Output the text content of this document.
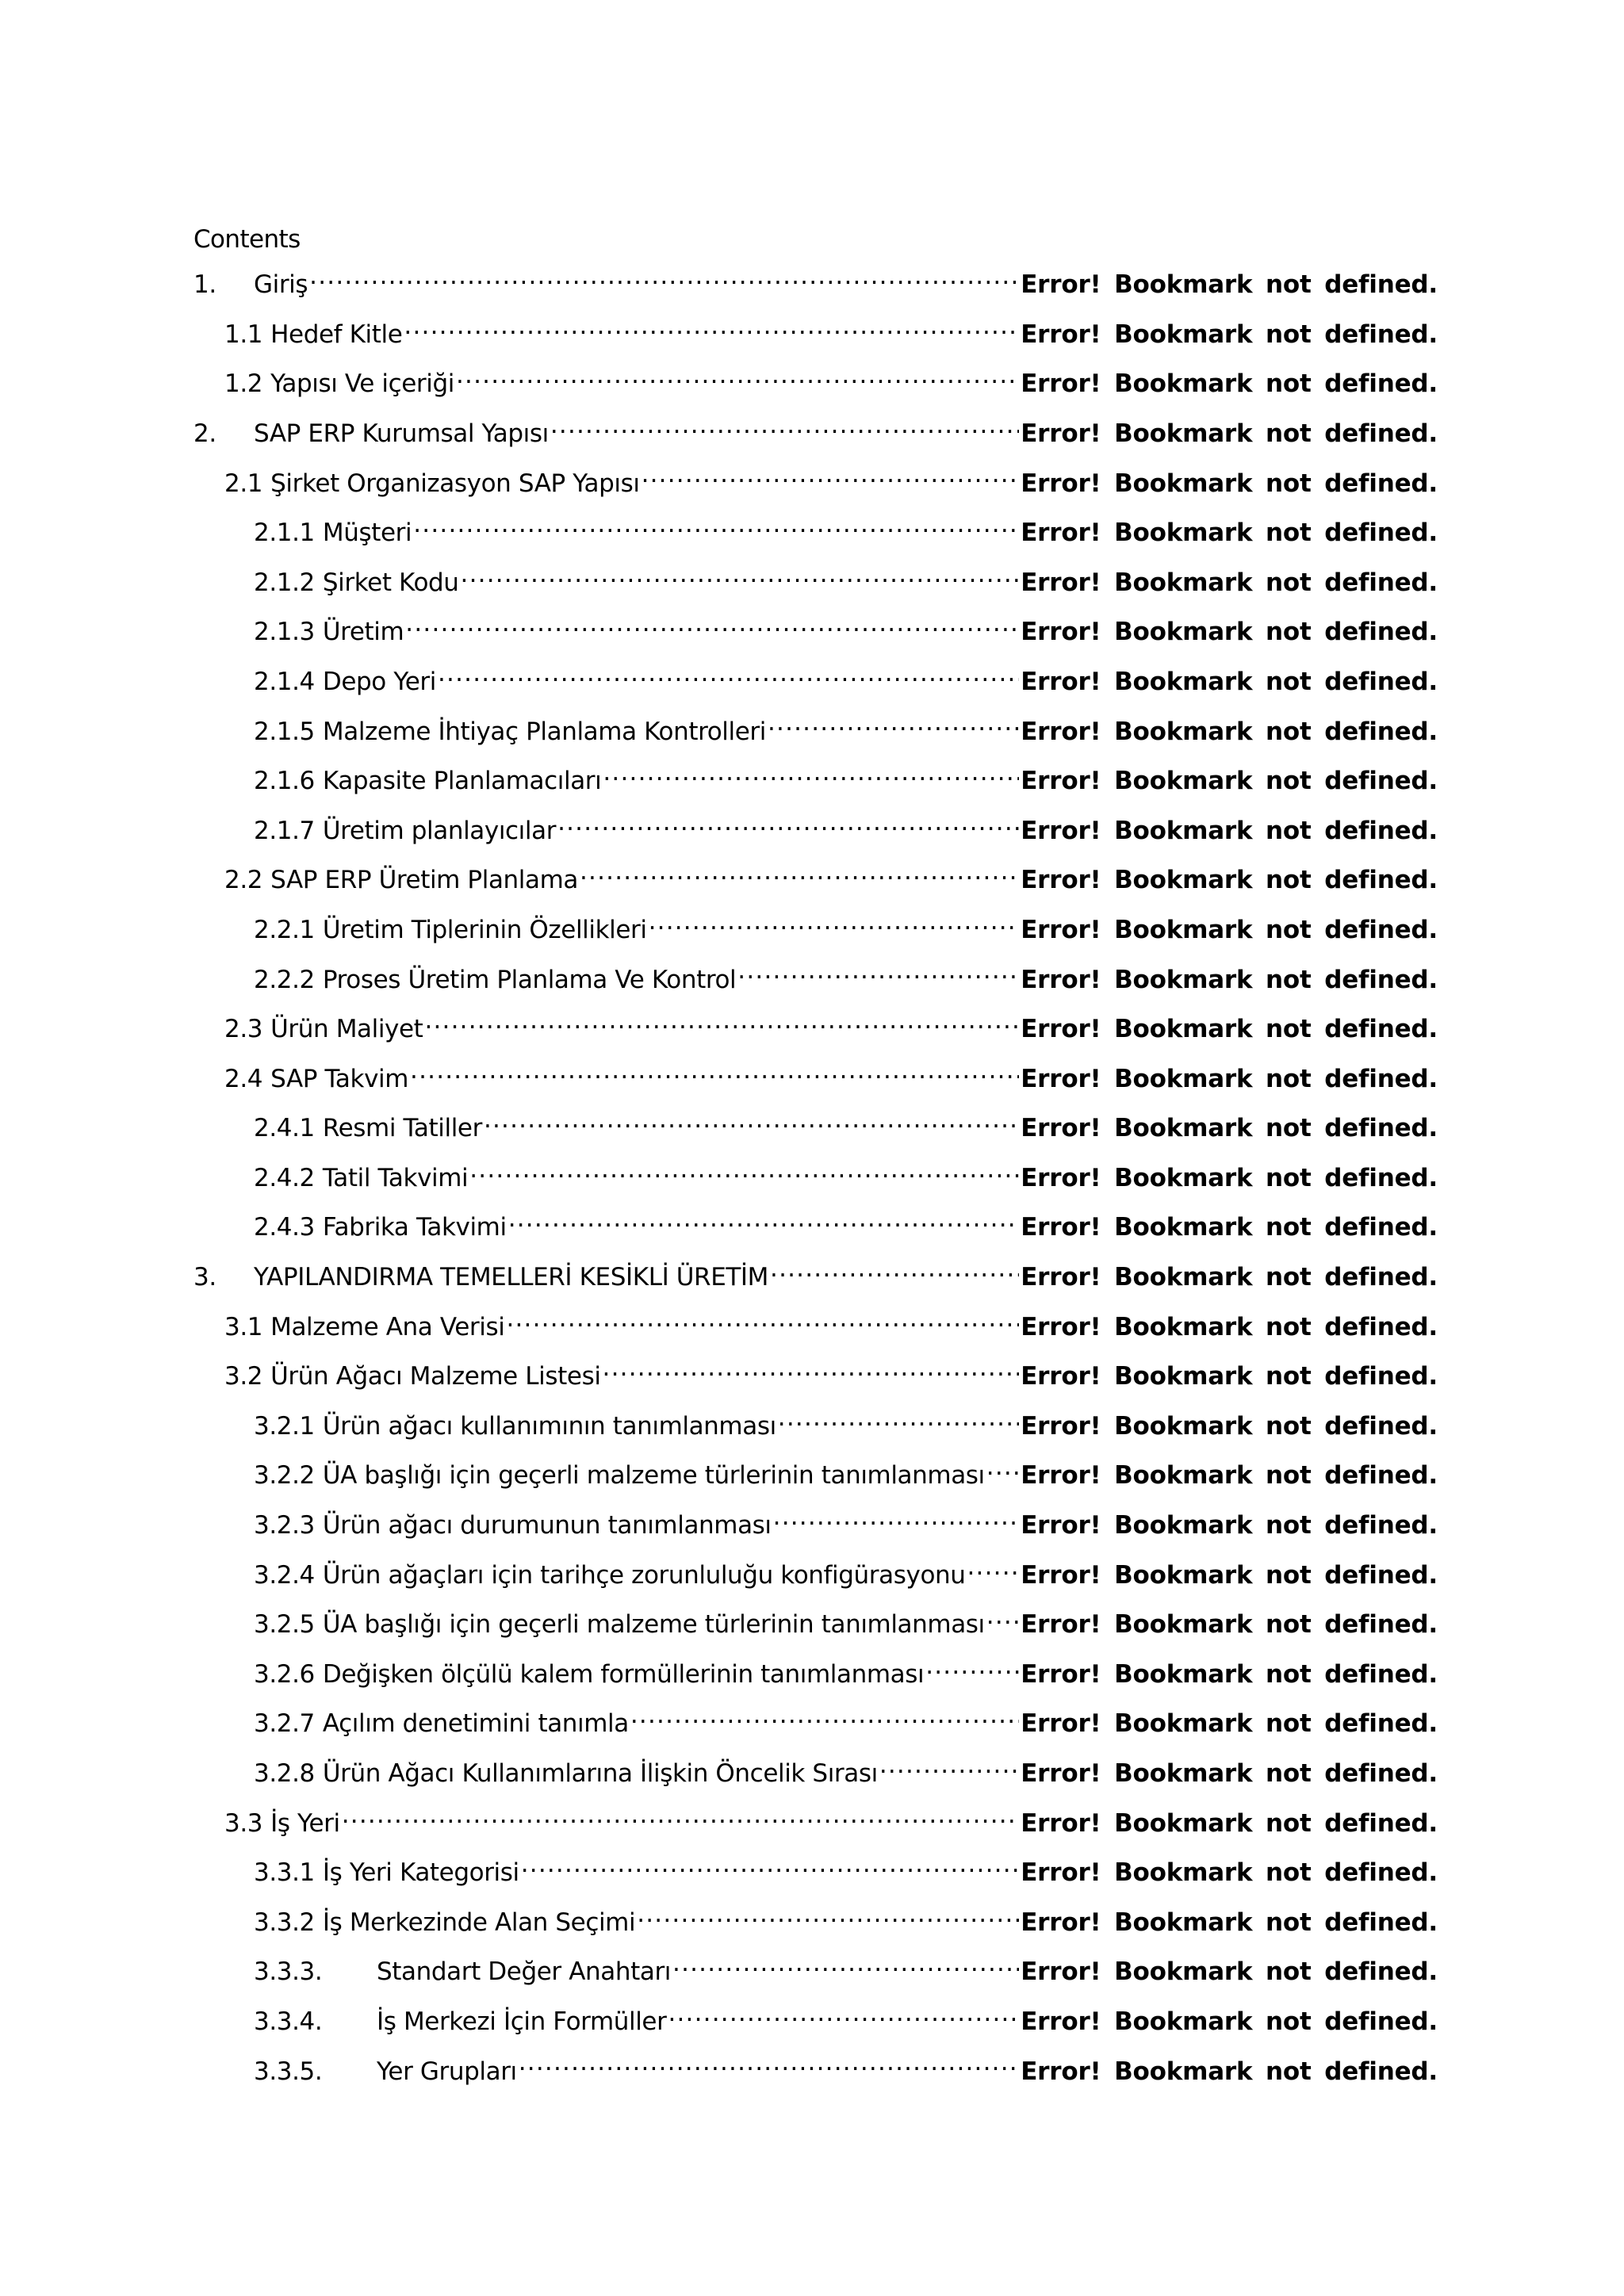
Contents
1.	Giriş .....	Error! Bookmark not defined.
1.1 Hedef Kitle .....	Error! Bookmark not defined.
1.2 Yapısı Ve içeriği .....	Error! Bookmark not defined.
2.	SAP ERP Kurumsal Yapısı .....	Error! Bookmark not defined.
2.1 Şirket Organizasyon SAP Yapısı .....	Error! Bookmark not defined.
2.1.1 Müşteri .....	Error! Bookmark not defined.
2.1.2 Şirket Kodu .....	Error! Bookmark not defined.
2.1.3 Üretim .....	Error! Bookmark not defined.
2.1.4 Depo Yeri .....	Error! Bookmark not defined.
2.1.5 Malzeme İhtiyaç Planlama Kontrolleri .....	Error! Bookmark not defined.
2.1.6 Kapasite Planlamacıları .....	Error! Bookmark not defined.
2.1.7 Üretim planlayıcılar .....	Error! Bookmark not defined.
2.2 SAP ERP Üretim Planlama .....	Error! Bookmark not defined.
2.2.1 Üretim Tiplerinin Özellikleri .....	Error! Bookmark not defined.
2.2.2 Proses Üretim Planlama Ve Kontrol .....	Error! Bookmark not defined.
2.3 Ürün Maliyet .....	Error! Bookmark not defined.
2.4 SAP Takvim .....	Error! Bookmark not defined.
2.4.1 Resmi Tatiller .....	Error! Bookmark not defined.
2.4.2 Tatil Takvimi .....	Error! Bookmark not defined.
2.4.3 Fabrika Takvimi .....	Error! Bookmark not defined.
3.	YAPILANDIRMA TEMELLERİ KESİKLİ ÜRETİM .....	Error! Bookmark not defined.
3.1 Malzeme Ana Verisi .....	Error! Bookmark not defined.
3.2 Ürün Ağacı Malzeme Listesi .....	Error! Bookmark not defined.
3.2.1 Ürün ağacı kullanımının tanımlanması .....	Error! Bookmark not defined.
3.2.2 ÜA başlığı için geçerli malzeme türlerinin tanımlanması ..... Error! Bookmark not defined.
3.2.3 Ürün ağacı durumunun tanımlanması .....	Error! Bookmark not defined.
3.2.4 Ürün ağaçları için tarihçe zorunluluğu konfigürasyonu ..... Error! Bookmark not defined.
3.2.5 ÜA başlığı için geçerli malzeme türlerinin tanımlanması ..... Error! Bookmark not defined.
3.2.6 Değişken ölçülü kalem formüllerinin tanımlanması .....	Error! Bookmark not defined.
3.2.7 Açılım denetimini tanımla .....	Error! Bookmark not defined.
3.2.8 Ürün Ağacı Kullanımlarına İlişkin Öncelik Sırası .....	Error! Bookmark not defined.
3.3 İş Yeri .....	Error! Bookmark not defined.
3.3.1 İş Yeri Kategorisi .....	Error! Bookmark not defined.
3.3.2 İş Merkezinde Alan Seçimi .....	Error! Bookmark not defined.
3.3.3.	Standart Değer Anahtarı .....	Error! Bookmark not defined.
3.3.4.	İş Merkezi İçin Formüller .....	Error! Bookmark not defined.
3.3.5.	Yer Grupları .....	Error! Bookmark not defined.
